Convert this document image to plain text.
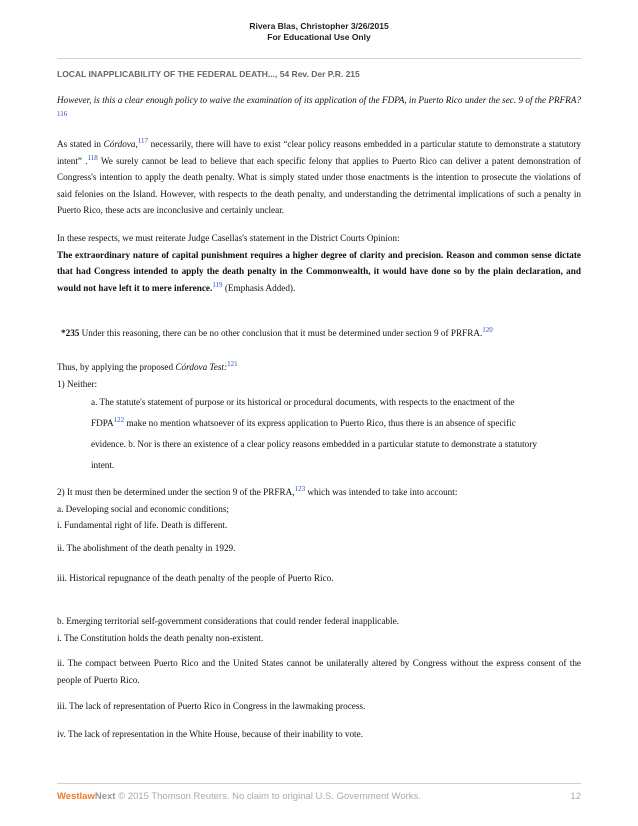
Rivera Blas, Christopher 3/26/2015
For Educational Use Only
LOCAL INAPPLICABILITY OF THE FEDERAL DEATH..., 54 Rev. Der P.R. 215
However, is this a clear enough policy to waive the examination of its application of the FDPA, in Puerto Rico under the sec. 9 of the PRFRA?$^{116}$
As stated in Córdova,$^{117}$ necessarily, there will have to exist “clear policy reasons embedded in a particular statute to demonstrate a statutory intent” .$^{118}$ We surely cannot be lead to believe that each specific felony that applies to Puerto Rico can deliver a patent demonstration of Congress's intention to apply the death penalty. What is simply stated under those enactments is the intention to prosecute the violations of said felonies on the Island. However, with respects to the death penalty, and understanding the detrimental implications of such a penalty in Puerto Rico, these acts are inconclusive and certainly unclear.
In these respects, we must reiterate Judge Casellas's statement in the District Courts Opinion:
The extraordinary nature of capital punishment requires a higher degree of clarity and precision. Reason and common sense dictate that had Congress intended to apply the death penalty in the Commonwealth, it would have done so by the plain declaration, and would not have left it to mere inference.$^{119}$ (Emphasis Added).
*235 Under this reasoning, there can be no other conclusion that it must be determined under section 9 of PRFRA.$^{120}$
Thus, by applying the proposed Córdova Test:$^{121}$
1) Neither:
a. The statute's statement of purpose or its historical or procedural documents, with respects to the enactment of the FDPA$^{122}$ make no mention whatsoever of its express application to Puerto Rico, thus there is an absence of specific evidence. b. Nor is there an existence of a clear policy reasons embedded in a particular statute to demonstrate a statutory intent.
2) It must then be determined under the section 9 of the PRFRA,$^{123}$ which was intended to take into account:
a. Developing social and economic conditions;
i. Fundamental right of life. Death is different.
ii. The abolishment of the death penalty in 1929.
iii. Historical repugnance of the death penalty of the people of Puerto Rico.
b. Emerging territorial self-government considerations that could render federal inapplicable.
i. The Constitution holds the death penalty non-existent.
ii. The compact between Puerto Rico and the United States cannot be unilaterally altered by Congress without the express consent of the people of Puerto Rico.
iii. The lack of representation of Puerto Rico in Congress in the lawmaking process.
iv. The lack of representation in the White House, because of their inability to vote.
WestlawNext © 2015 Thomson Reuters. No claim to original U.S. Government Works.	12
